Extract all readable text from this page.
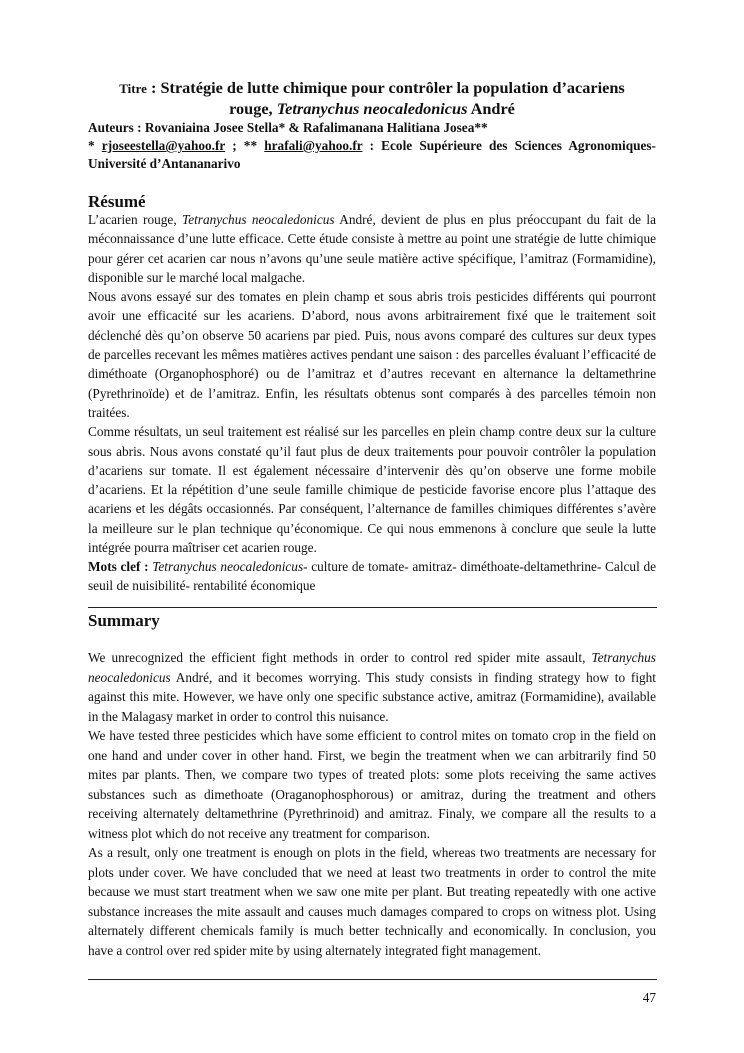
Titre : Stratégie de lutte chimique pour contrôler la population d’acariens
rouge, Tetranychus neocaledonicus André
Auteurs : Rovaniaina Josee Stella* & Rafalimanana Halitiana Josea**
* rjoseestella@yahoo.fr ; ** hrafali@yahoo.fr : Ecole Supérieure des Sciences Agronomiques- Université d’Antananarivo
Résumé

L’acarien rouge, Tetranychus neocaledonicus André, devient de plus en plus préoccupant du fait de la méconnaissance d’une lutte efficace. Cette étude consiste à mettre au point une stratégie de lutte chimique pour gérer cet acarien car nous n’avons qu’une seule matière active spécifique, l’amitraz (Formamidine), disponible sur le marché local malgache.

Nous avons essayé sur des tomates en plein champ et sous abris trois pesticides différents qui pourront avoir une efficacité sur les acariens. D’abord, nous avons arbitrairement fixé que le traitement soit déclenché dès qu’on observe 50 acariens par pied. Puis, nous avons comparé des cultures sur deux types de parcelles recevant les mêmes matières actives pendant une saison : des parcelles évaluant l’efficacité de diméthoate (Organophosphoré) ou de l’amitraz et d’autres recevant en alternance la deltamethrine (Pyrethrinoïde) et de l’amitraz. Enfin, les résultats obtenus sont comparés à des parcelles témoin non traitées.

Comme résultats, un seul traitement est réalisé sur les parcelles en plein champ contre deux sur la culture sous abris. Nous avons constaté qu’il faut plus de deux traitements pour pouvoir contrôler la population d’acariens sur tomate. Il est également nécessaire d’intervenir dès qu’on observe une forme mobile d’acariens. Et la répétition d’une seule famille chimique de pesticide favorise encore plus l’attaque des acariens et les dégâts occasionnés. Par conséquent, l’alternance de familles chimiques différentes s’avère la meilleure sur le plan technique qu’économique. Ce qui nous emmenons à conclure que seule la lutte intégrée pourra maîtriser cet acarien rouge.

Mots clef : Tetranychus neocaledonicus- culture de tomate- amitraz- diméthoate-deltamethrine- Calcul de seuil de nuisibilité- rentabilité économique
Summary

We unrecognized the efficient fight methods in order to control red spider mite assault, Tetranychus neocaledonicus André, and it becomes worrying. This study consists in finding strategy how to fight against this mite. However, we have only one specific substance active, amitraz (Formamidine), available in the Malagasy market in order to control this nuisance.

We have tested three pesticides which have some efficient to control mites on tomato crop in the field on one hand and under cover in other hand. First, we begin the treatment when we can arbitrarily find 50 mites par plants. Then, we compare two types of treated plots: some plots receiving the same actives substances such as dimethoate (Oraganophosphorous) or amitraz, during the treatment and others receiving alternately deltamethrine (Pyrethrinoid) and amitraz. Finaly, we compare all the results to a witness plot which do not receive any treatment for comparison.

As a result, only one treatment is enough on plots in the field, whereas two treatments are necessary for plots under cover. We have concluded that we need at least two treatments in order to control the mite because we must start treatment when we saw one mite per plant. But treating repeatedly with one active substance increases the mite assault and causes much damages compared to crops on witness plot. Using alternately different chemicals family is much better technically and economically. In conclusion, you have a control over red spider mite by using alternately integrated fight management.

47
